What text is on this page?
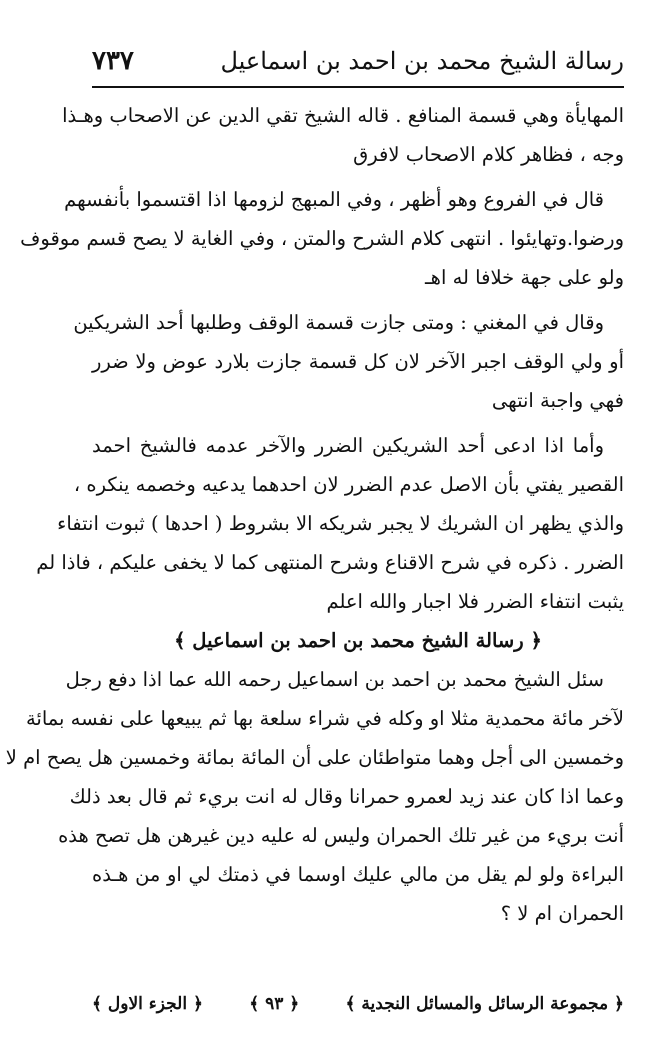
رسالة الشيخ محمد بن احمد بن اسماعيل
٧٣٧
المهايأة وهي قسمة المنافع . قاله الشيخ تقي الدين عن الاصحاب وهـذا
وجه ، فظاهر كلام الاصحاب لافرق
قال في الفروع وهو أظهر ، وفي المبهج لزومها اذا اقتسموا بأنفسهم
ورضوا.وتهايئوا . انتهى كلام الشرح والمتن ، وفي الغاية لا يصح قسم موقوف
ولو على جهة خلافا له اهـ
وقال في المغني : ومتى جازت قسمة الوقف وطلبها أحد الشريكين
أو ولي الوقف اجبر الآخر لان كل قسمة جازت بلارد عوض ولا ضرر
فهي واجبة انتهى
وأما اذا ادعى أحد الشريكين الضرر والآخر عدمه فالشيخ احمد
القصير يفتي بأن الاصل عدم الضرر لان احدهما يدعيه وخصمه ينكره ،
والذي يظهر ان الشريك لا يجبر شريكه الا بشروط ( احدها ) ثبوت انتفاء
الضرر . ذكره في شرح الاقناع وشرح المنتهى كما لا يخفى عليكم ، فاذا لم
يثبت انتفاء الضرر فلا اجبار والله اعلم
﴿ رسالة الشيخ محمد بن احمد بن اسماعيل ﴾
سئل الشيخ محمد بن احمد بن اسماعيل رحمه الله عما اذا دفع رجل
لآخر مائة محمدية مثلا او وكله في شراء سلعة بها ثم يبيعها على نفسه بمائة
وخمسين الى أجل وهما متواطئان على أن المائة بمائة وخمسين هل يصح ام لا
وعما اذا كان عند زيد لعمرو حمرانا وقال له انت بريء ثم قال بعد ذلك
أنت بريء من غير تلك الحمران وليس له عليه دين غيرهن هل تصح هذه
البراءة ولو لم يقل من مالي عليك اوسما في ذمتك لي او من هـذه
الحمران ام لا ؟
﴿ مجموعة الرسائل والمسائل النجدية ﴾
﴿ ٩٣ ﴾
﴿ الجزء الاول ﴾
